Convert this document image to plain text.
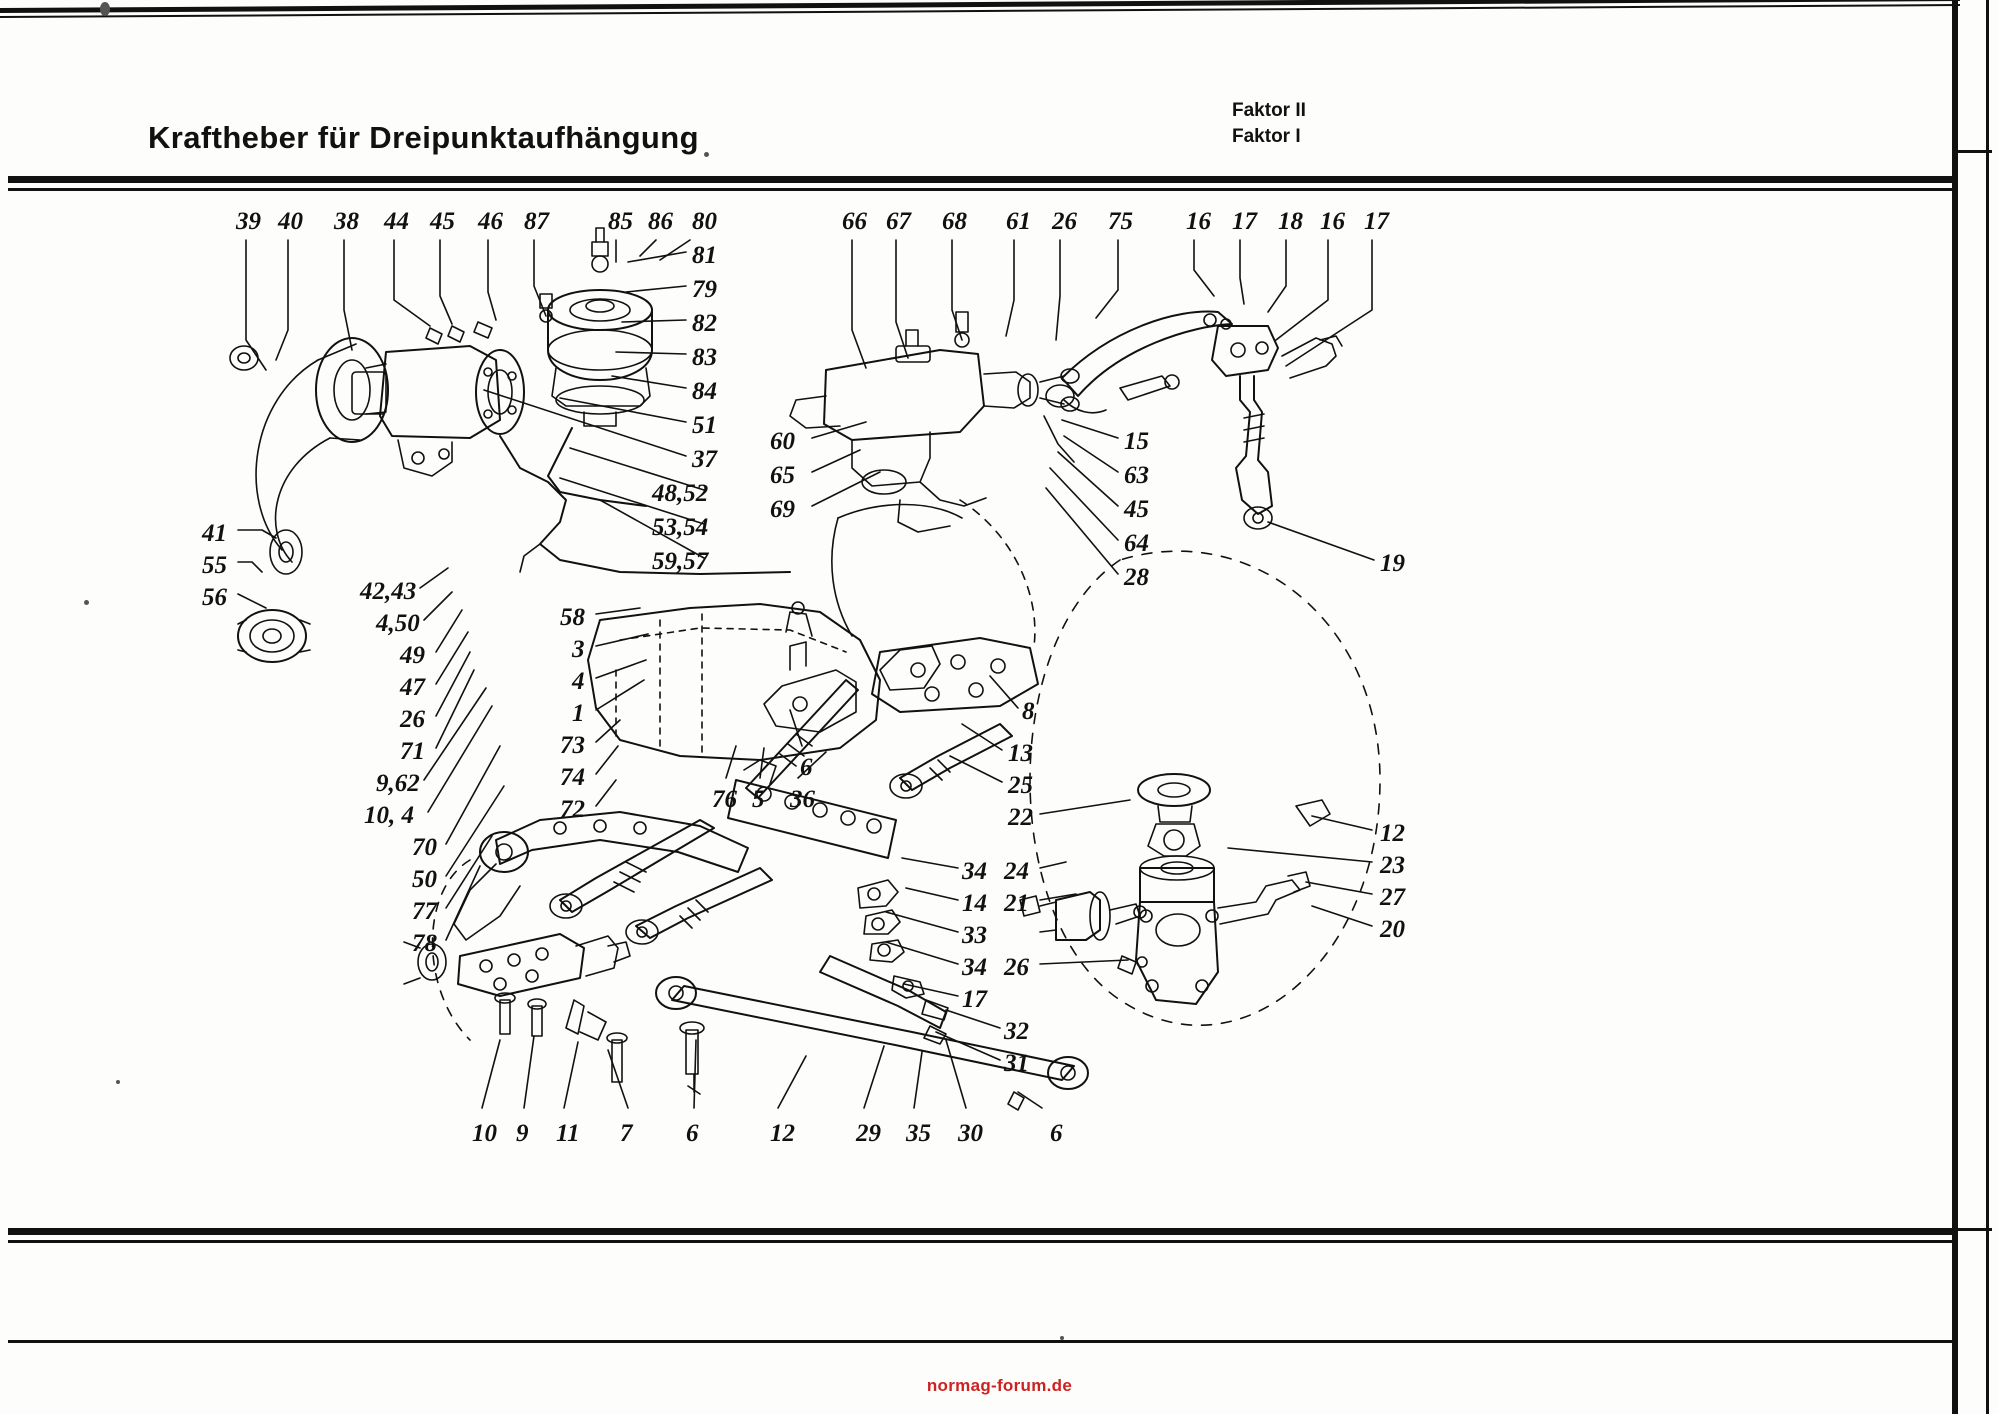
Kraftheber für Dreipunktaufhängung
Faktor II
Faktor I
39 40 38 44 45 46 87 85 86 80
81
79
82
83
84
51
37
48,52
53,54
59,57
66 67 68 61 26 75 16 17 18 16 17
60
65
69
15
63
45
64
28
19
41
55
56	42,43
4,50
49
47
26
71
9,62
10, 4
70
50
77
78
58
3
4
1
73
74
72
6
76 5 36
8
13
25
22
34 24
14 21
33
34 26
17
32
31
12
23
27
20
10 9 11 7 6	12 29 35 30	6
normag-forum.de
